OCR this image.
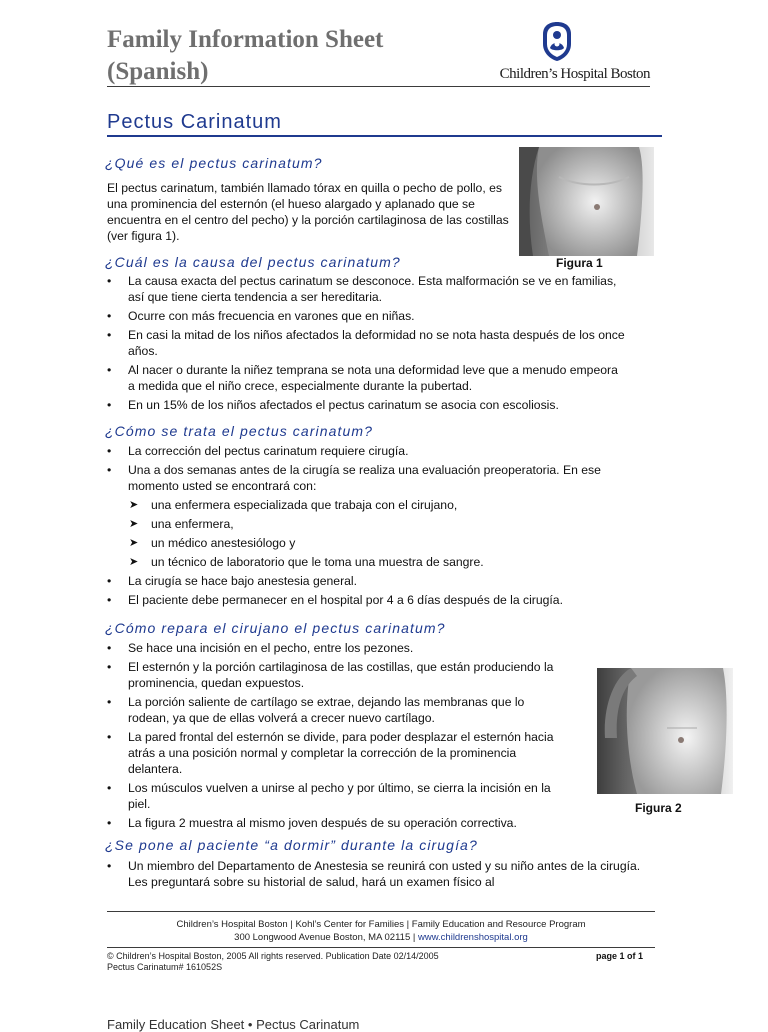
Family Information Sheet
(Spanish)	Children’s Hospital Boston
Pectus Carinatum
Figura 1
¿Qué es el pectus carinatum?
El pectus carinatum, también llamado tórax en quilla o pecho de pollo, es una prominencia del esternón (el hueso alargado y aplanado que se encuentra en el centro del pecho) y la porción cartilaginosa de las costillas (ver figura 1).
¿Cuál es la causa del pectus carinatum?
• La causa exacta del pectus carinatum se desconoce. Esta malformación se ve en familias, así que tiene cierta tendencia a ser hereditaria.
• Ocurre con más frecuencia en varones que en niñas.
• En casi la mitad de los niños afectados la deformidad no se nota hasta después de los once años.
• Al nacer o durante la niñez temprana se nota una deformidad leve que a menudo empeora a medida que el niño crece, especialmente durante la pubertad.
• En un 15% de los niños afectados el pectus carinatum se asocia con escoliosis.
¿Cómo se trata el pectus carinatum?
• La corrección del pectus carinatum requiere cirugía.
• Una a dos semanas antes de la cirugía se realiza una evaluación preoperatoria. En ese momento usted se encontrará con:
➤ una enfermera especializada que trabaja con el cirujano,
➤ una enfermera,
➤ un médico anestesiólogo y
➤ un técnico de laboratorio que le toma una muestra de sangre.
• La cirugía se hace bajo anestesia general.
• El paciente debe permanecer en el hospital por 4 a 6 días después de la cirugía.
¿Cómo repara el cirujano el pectus carinatum?
• Se hace una incisión en el pecho, entre los pezones.
• El esternón y la porción cartilaginosa de las costillas, que están produciendo la prominencia, quedan expuestos.
• La porción saliente de cartílago se extrae, dejando las membranas que lo rodean, ya que de ellas volverá a crecer nuevo cartílago.
• La pared frontal del esternón se divide, para poder desplazar el esternón hacia atrás a una posición normal y completar la corrección de la prominencia delantera.
• Los músculos vuelven a unirse al pecho y por último, se cierra la incisión en la piel.
• La figura 2 muestra al mismo joven después de su operación correctiva.
Figura 2
¿Se pone al paciente “a dormir” durante la cirugía?
• Un miembro del Departamento de Anestesia se reunirá con usted y su niño antes de la cirugía. Les preguntará sobre su historial de salud, hará un examen físico al
Children’s Hospital Boston | Kohl’s Center for Families | Family Education and Resource Program
300 Longwood Avenue Boston, MA 02115 | www.childrenshospital.org
© Children’s Hospital Boston, 2005 All rights reserved. Publication Date 02/14/2005
Pectus Carinatum# 161052S
page 1 of 1
Family Education Sheet • Pectus Carinatum
